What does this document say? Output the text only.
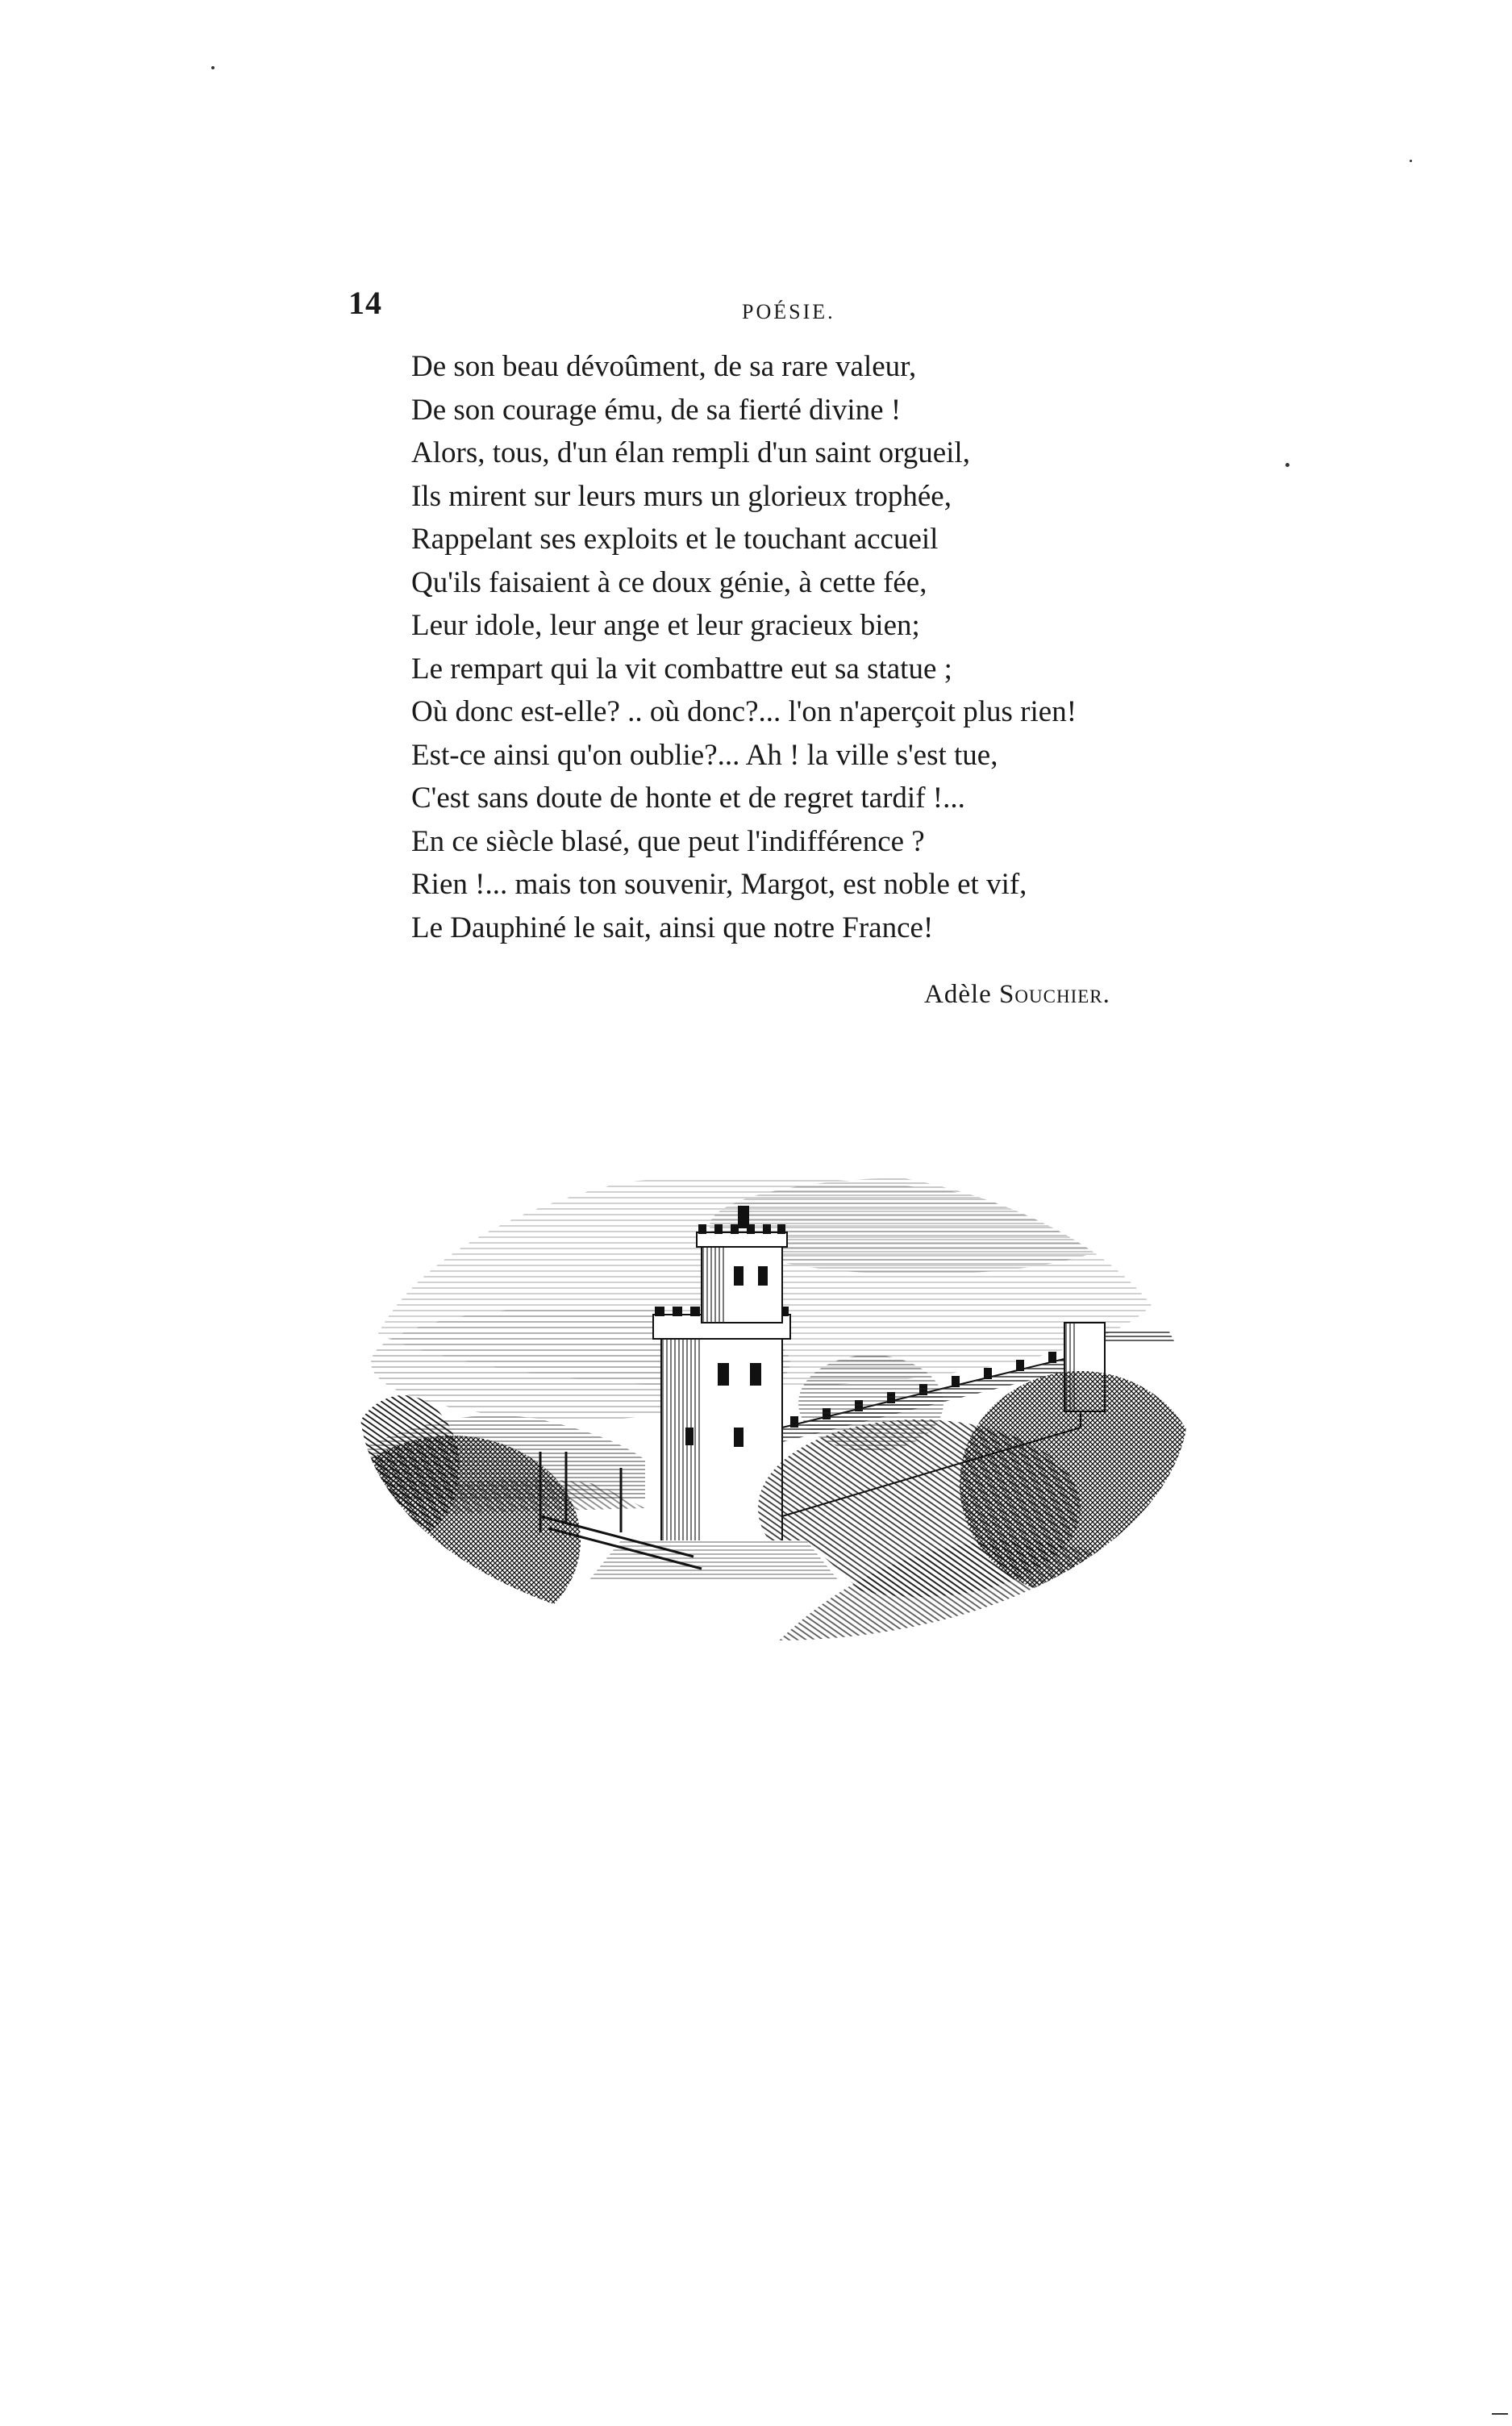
14	POÉSIE.
De son beau dévoûment, de sa rare valeur,
De son courage ému, de sa fierté divine !
Alors, tous, d'un élan rempli d'un saint orgueil,
Ils mirent sur leurs murs un glorieux trophée,
Rappelant ses exploits et le touchant accueil
Qu'ils faisaient à ce doux génie, à cette fée,
Leur idole, leur ange et leur gracieux bien;
Le rempart qui la vit combattre eut sa statue ;
Où donc est-elle? .. où donc?... l'on n'aperçoit plus rien!
Est-ce ainsi qu'on oublie?... Ah ! la ville s'est tue,
C'est sans doute de honte et de regret tardif !...
En ce siècle blasé, que peut l'indifférence ?
Rien !... mais ton souvenir, Margot, est noble et vif,
Le Dauphiné le sait, ainsi que notre France!
Adèle Souchier.
